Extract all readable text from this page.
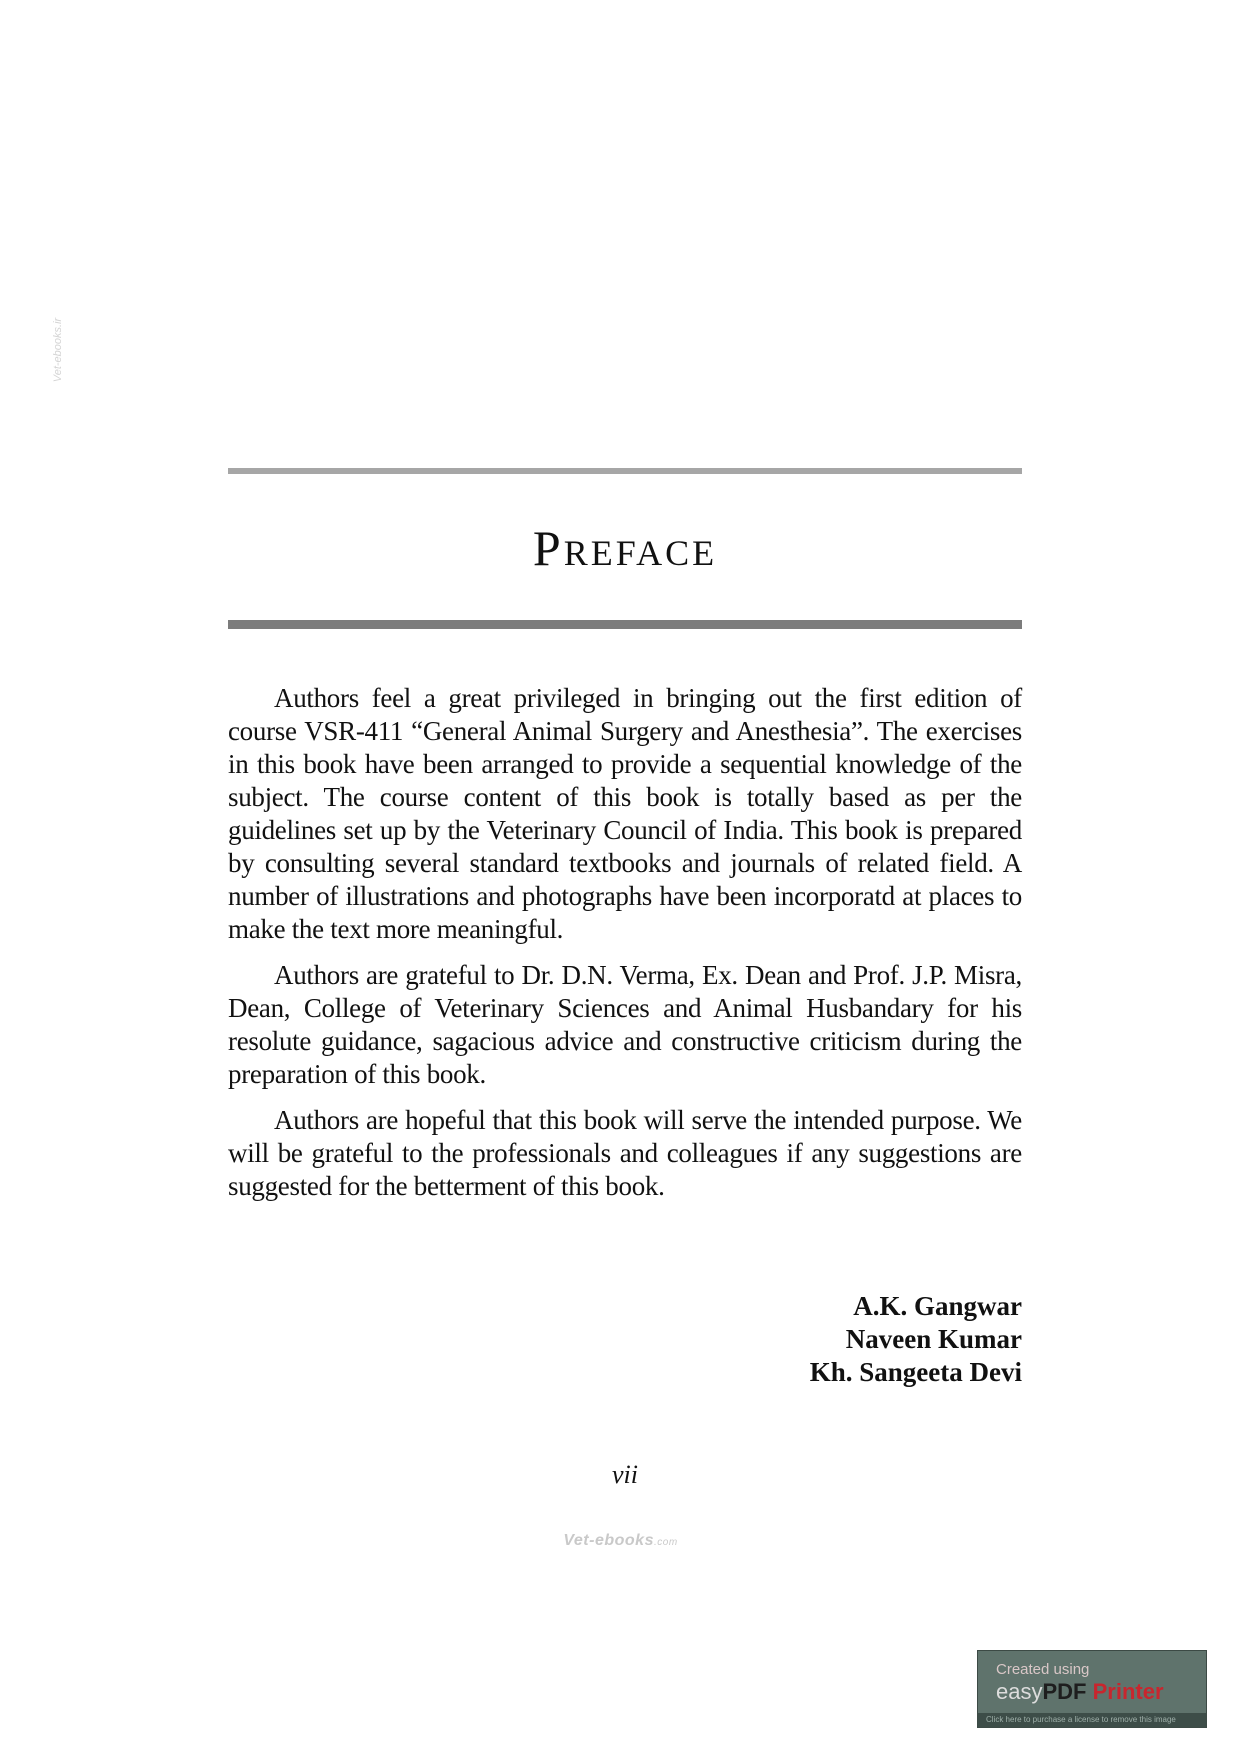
Vet-ebooks.ir
PREFACE

Authors feel a great privileged in bringing out the first edition of course VSR-411 “General Animal Surgery and Anesthesia”. The exercises in this book have been arranged to provide a sequential knowledge of the subject. The course content of this book is totally based as per the guidelines set up by the Veterinary Council of India. This book is prepared by consulting several standard textbooks and journals of related field. A number of illustrations and photographs have been incorporatd at places to make the text more meaningful.

Authors are grateful to Dr. D.N. Verma, Ex. Dean and Prof. J.P. Misra, Dean, College of Veterinary Sciences and Animal Husbandary for his resolute guidance, sagacious advice and constructive criticism during the preparation of this book.

Authors are hopeful that this book will serve the intended purpose. We will be grateful to the professionals and colleagues if any suggestions are suggested for the betterment of this book.

A.K. Gangwar
Naveen Kumar
Kh. Sangeeta Devi
vii
Vet-ebooks.com
Created using
easyPDF Printer
Click here to purchase a license to remove this image
